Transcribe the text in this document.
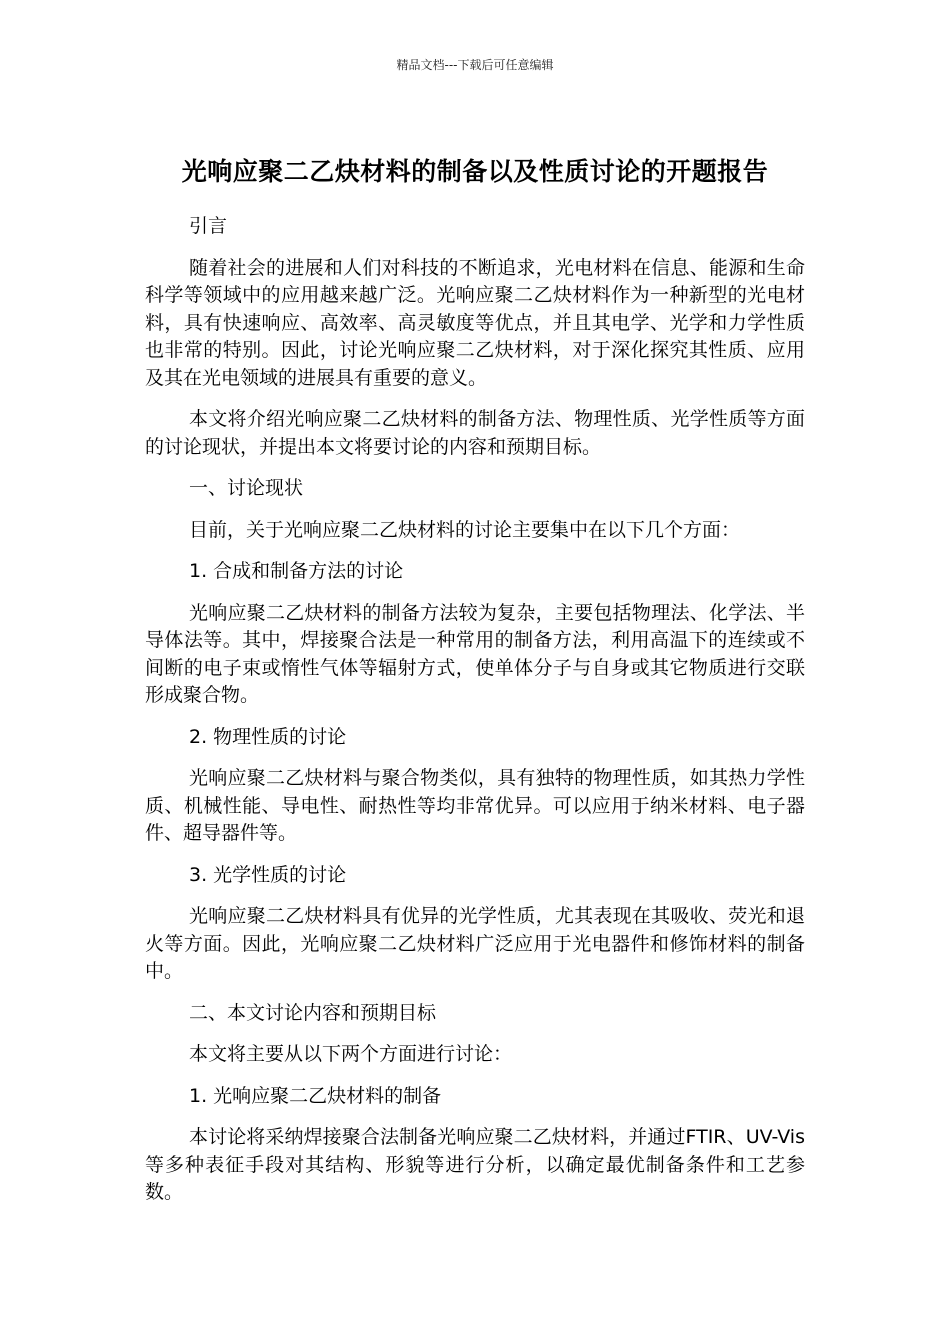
精品文档---下载后可任意编辑
光响应聚二乙炔材料的制备以及性质讨论的开题报告

引言

随着社会的进展和人们对科技的不断追求，光电材料在信息、能源和生命科学等领域中的应用越来越广泛。光响应聚二乙炔材料作为一种新型的光电材料，具有快速响应、高效率、高灵敏度等优点，并且其电学、光学和力学性质也非常的特别。因此，讨论光响应聚二乙炔材料，对于深化探究其性质、应用及其在光电领域的进展具有重要的意义。

本文将介绍光响应聚二乙炔材料的制备方法、物理性质、光学性质等方面的讨论现状，并提出本文将要讨论的内容和预期目标。

一、讨论现状

目前，关于光响应聚二乙炔材料的讨论主要集中在以下几个方面：

1. 合成和制备方法的讨论

光响应聚二乙炔材料的制备方法较为复杂，主要包括物理法、化学法、半导体法等。其中，焊接聚合法是一种常用的制备方法，利用高温下的连续或不间断的电子束或惰性气体等辐射方式，使单体分子与自身或其它物质进行交联形成聚合物。

2. 物理性质的讨论

光响应聚二乙炔材料与聚合物类似，具有独特的物理性质，如其热力学性质、机械性能、导电性、耐热性等均非常优异。可以应用于纳米材料、电子器件、超导器件等。

3. 光学性质的讨论

光响应聚二乙炔材料具有优异的光学性质，尤其表现在其吸收、荧光和退火等方面。因此，光响应聚二乙炔材料广泛应用于光电器件和修饰材料的制备中。

二、本文讨论内容和预期目标

本文将主要从以下两个方面进行讨论：

1. 光响应聚二乙炔材料的制备

本讨论将采纳焊接聚合法制备光响应聚二乙炔材料，并通过FTIR、UV-Vis等多种表征手段对其结构、形貌等进行分析，以确定最优制备条件和工艺参数。
